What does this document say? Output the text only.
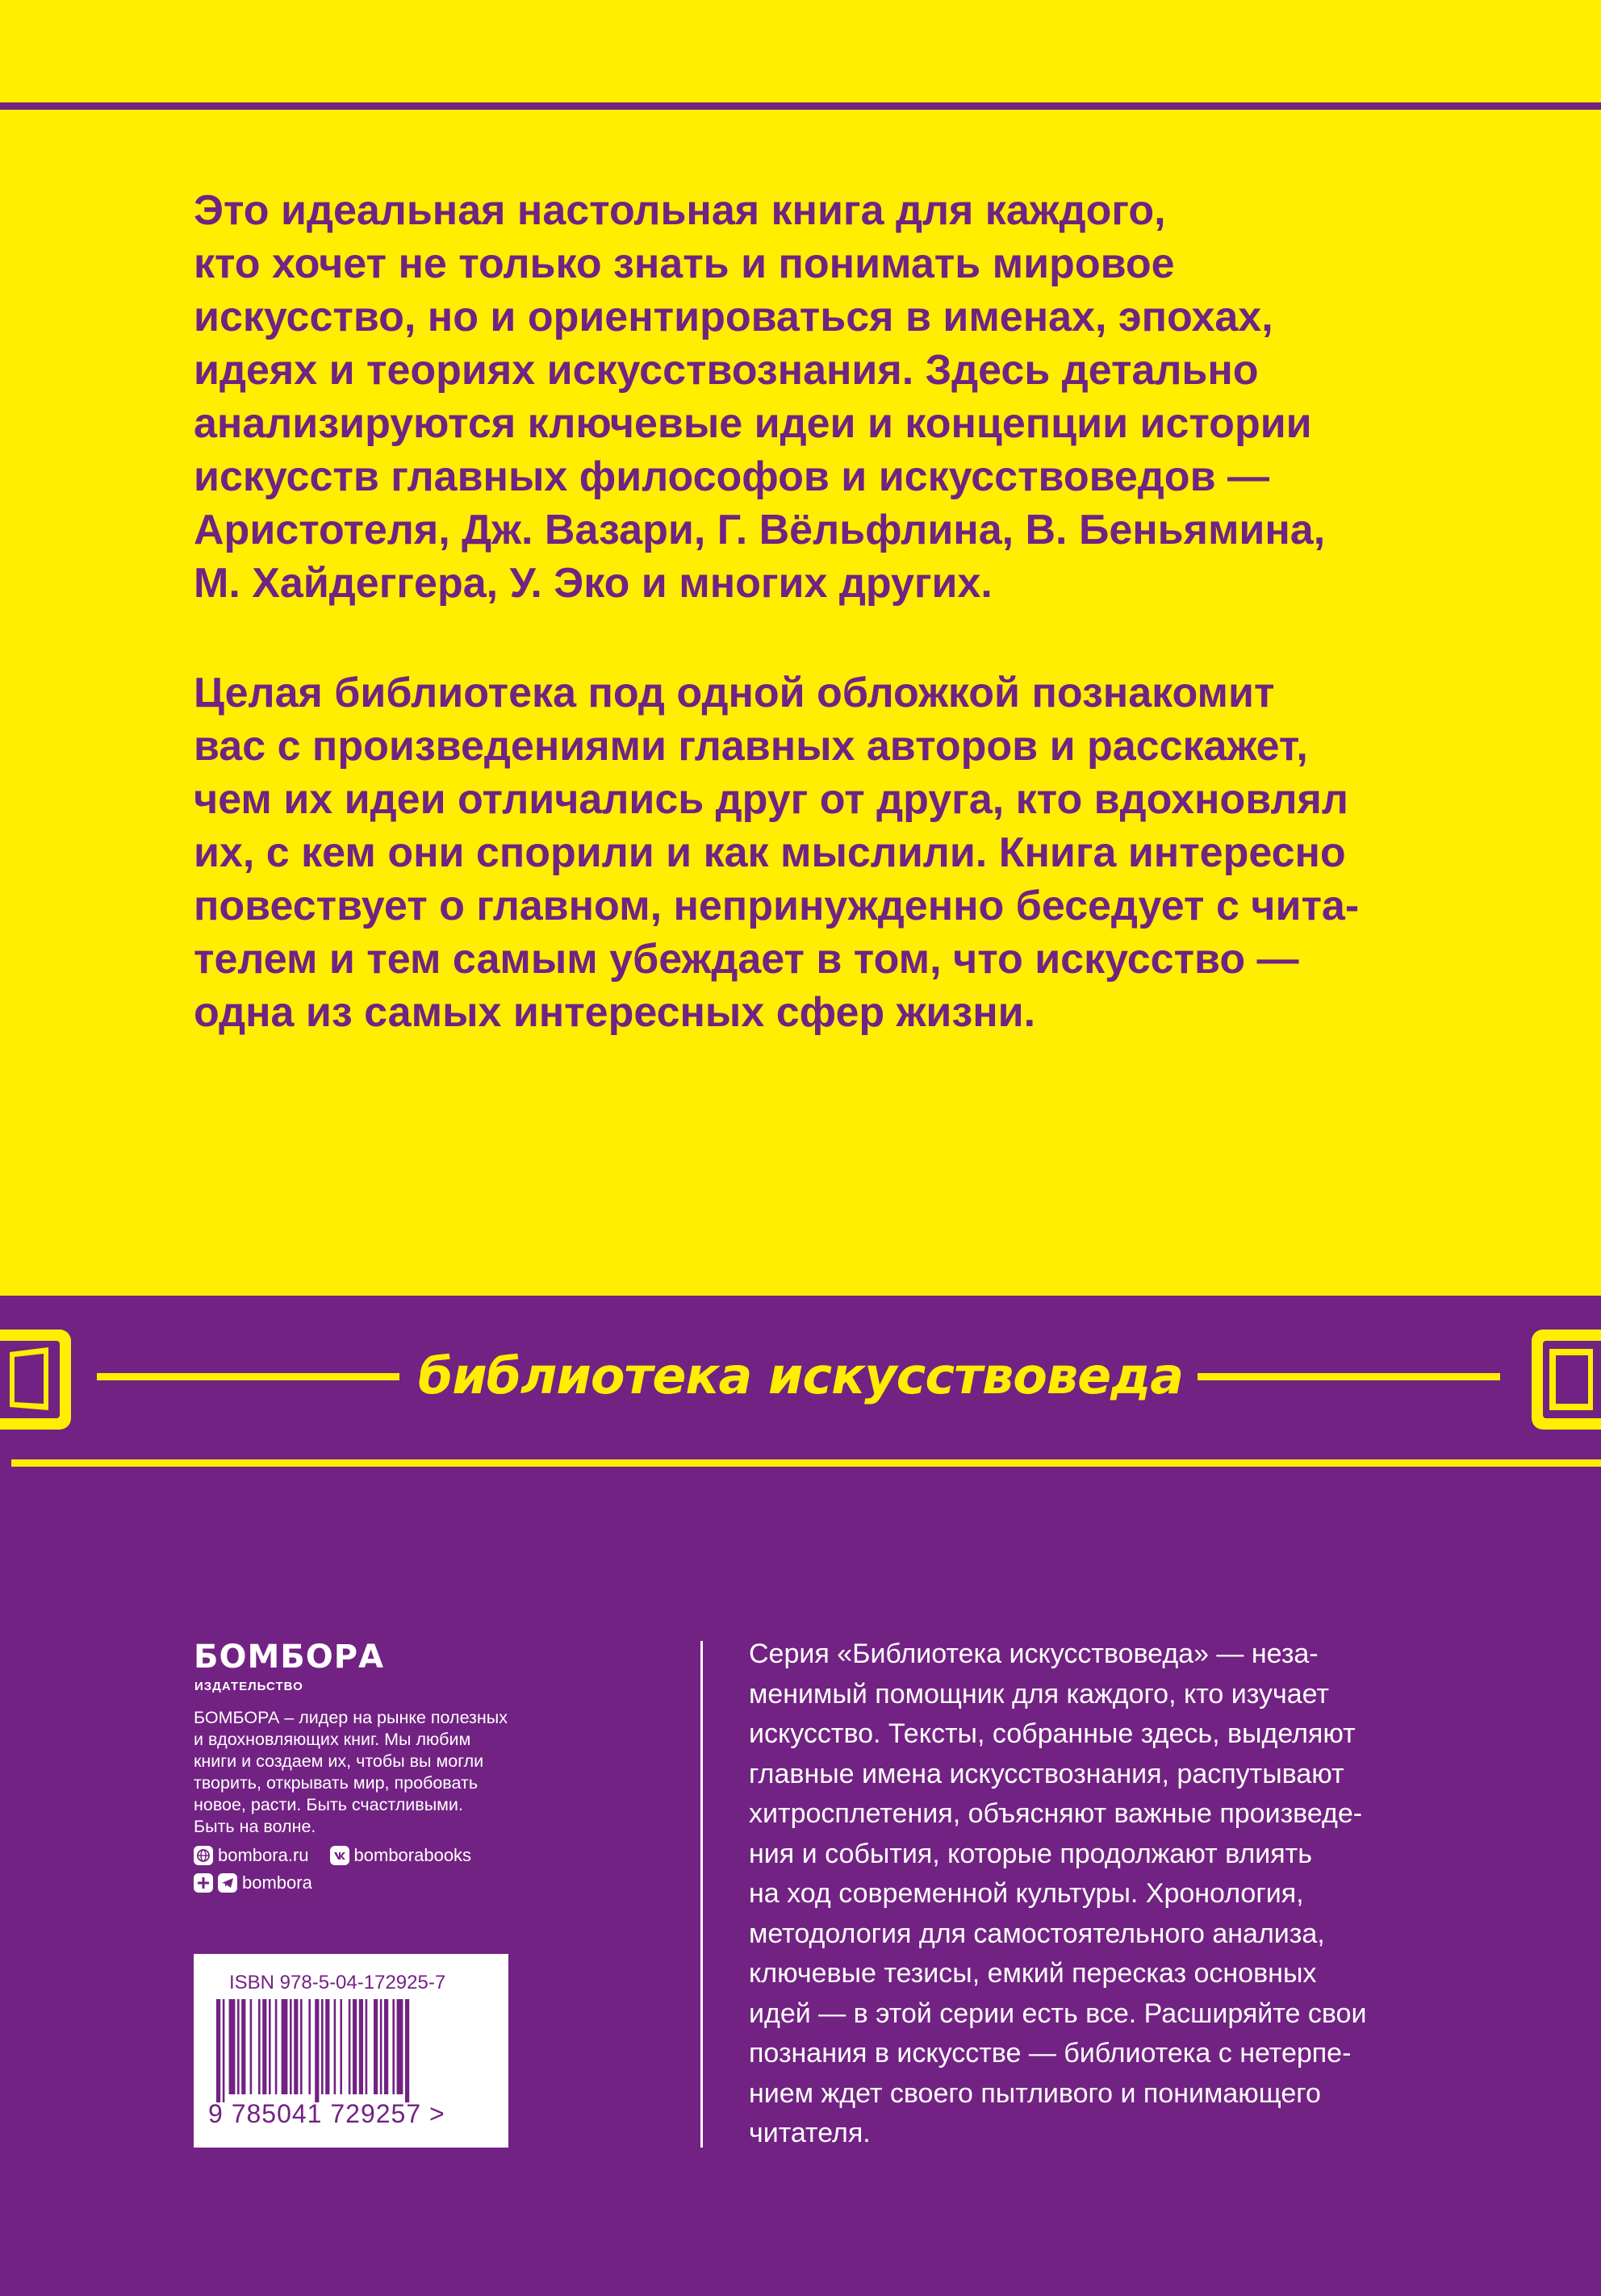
Это идеальная настольная книга для каждого,
кто хочет не только знать и понимать мировое
искусство, но и ориентироваться в именах, эпохах,
идеях и теориях искусствознания. Здесь детально
анализируются ключевые идеи и концепции истории
искусств главных философов и искусствоведов —
Аристотеля, Дж. Вазари, Г. Вёльфлина, В. Беньямина,
М. Хайдеггера, У. Эко и многих других.
Целая библиотека под одной обложкой познакомит
вас с произведениями главных авторов и расскажет,
чем их идеи отличались друг от друга, кто вдохновлял
их, с кем они спорили и как мыслили. Книга интересно
повествует о главном, непринужденно беседует с чита-
телем и тем самым убеждает в том, что искусство —
одна из самых интересных сфер жизни.
библиотека искусствоведа
БОМБОРА
ИЗДАТЕЛЬСТВО
БОМБОРА – лидер на рынке полезных
и вдохновляющих книг. Мы любим
книги и создаем их, чтобы вы могли
творить, открывать мир, пробовать
новое, расти. Быть счастливыми.
Быть на волне.
bombora.ru	bomborabooks
bombora
ISBN 978-5-04-172925-7
9 785041 729257 >
Серия «Библиотека искусствоведа» — неза-
менимый помощник для каждого, кто изучает
искусство. Тексты, собранные здесь, выделяют
главные имена искусствознания, распутывают
хитросплетения, объясняют важные произведе-
ния и события, которые продолжают влиять
на ход современной культуры. Хронология,
методология для самостоятельного анализа,
ключевые тезисы, емкий пересказ основных
идей — в этой серии есть все. Расширяйте свои
познания в искусстве — библиотека с нетерпе-
нием ждет своего пытливого и понимающего
читателя.
